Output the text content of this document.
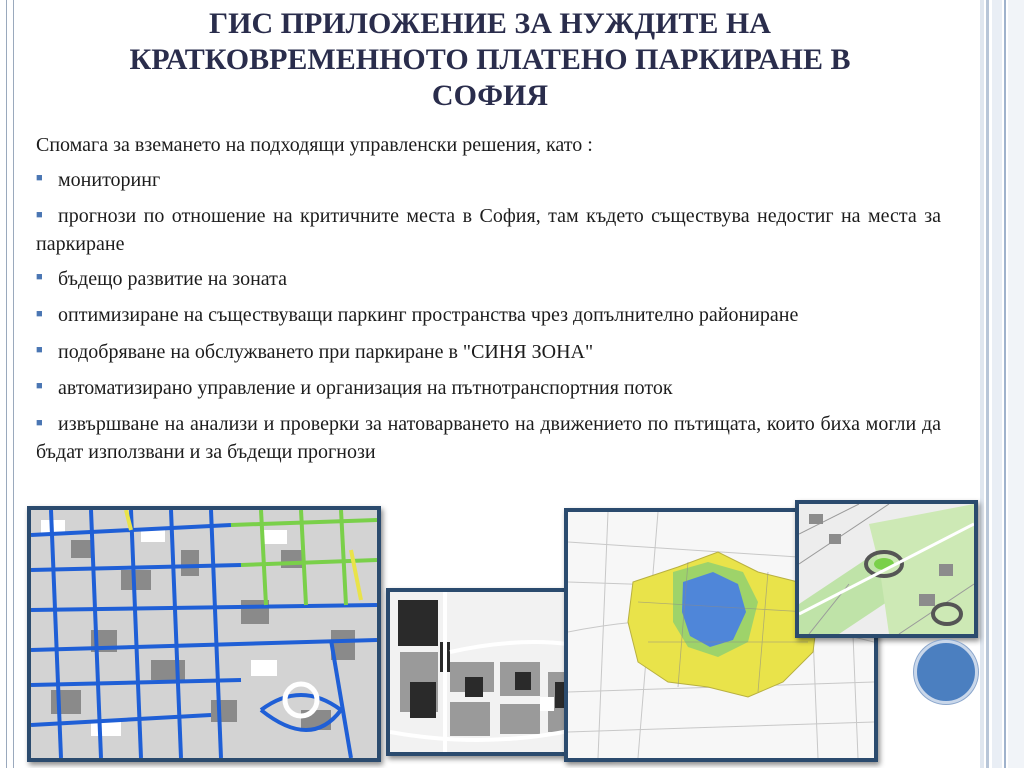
ГИС ПРИЛОЖЕНИЕ ЗА НУЖДИТЕ НА
КРАТКОВРЕМЕННОТО ПЛАТЕНО ПАРКИРАНЕ В
СОФИЯ

Спомага за вземането на подходящи управленски решения, като :

■ мониторинг
■ прогнози по отношение на критичните места в София, там където съществува недостиг на места за паркиране
■ бъдещо развитие на зоната
■ оптимизиране на съществуващи паркинг пространства чрез допълнително райониране
■ подобряване на обслужването при паркиране в "СИНЯ ЗОНА"
■ автоматизирано управление и организация на пътнотранспортния поток
■ извършване на анализи и проверки за натоварването на движението по пътищата, които биха могли да бъдат използвани и за бъдещи прогнози
